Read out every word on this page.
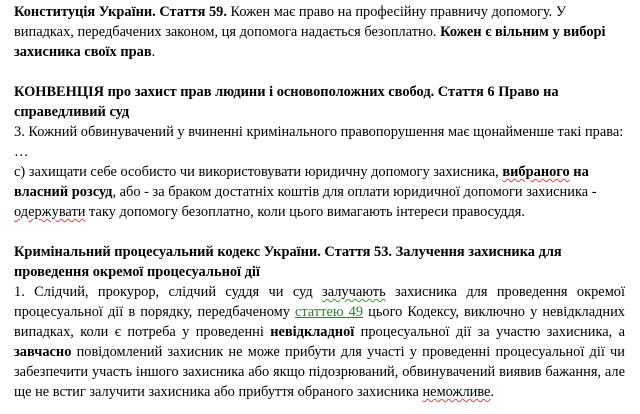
Конституція України. Стаття 59. Кожен має право на професійну правничу допомогу. У випадках, передбачених законом, ця допомога надається безоплатно. Кожен є вільним у виборі захисника своїх прав.

КОНВЕНЦІЯ про захист прав людини і основоположних свобод. Стаття 6 Право на справедливий суд

3. Кожний обвинувачений у вчиненні кримінального правопорушення має щонайменше такі права:

…

c) захищати себе особисто чи використовувати юридичну допомогу захисника, вибраного на власний розсуд, або - за браком достатніх коштів для оплати юридичної допомоги захисника - одержувати таку допомогу безоплатно, коли цього вимагають інтереси правосуддя.

Кримінальний процесуальний кодекс України. Стаття 53. Залучення захисника для проведення окремої процесуальної дії

1. Слідчий, прокурор, слідчий суддя чи суд залучають захисника для проведення окремої процесуальної дії в порядку, передбаченому статтею 49 цього Кодексу, виключно у невідкладних випадках, коли є потреба у проведенні невідкладної процесуальної дії за участю захисника, а завчасно повідомлений захисник не може прибути для участі у проведенні процесуальної дії чи забезпечити участь іншого захисника або якщо підозрюваний, обвинувачений виявив бажання, але ще не встиг залучити захисника або прибуття обраного захисника неможливе.
